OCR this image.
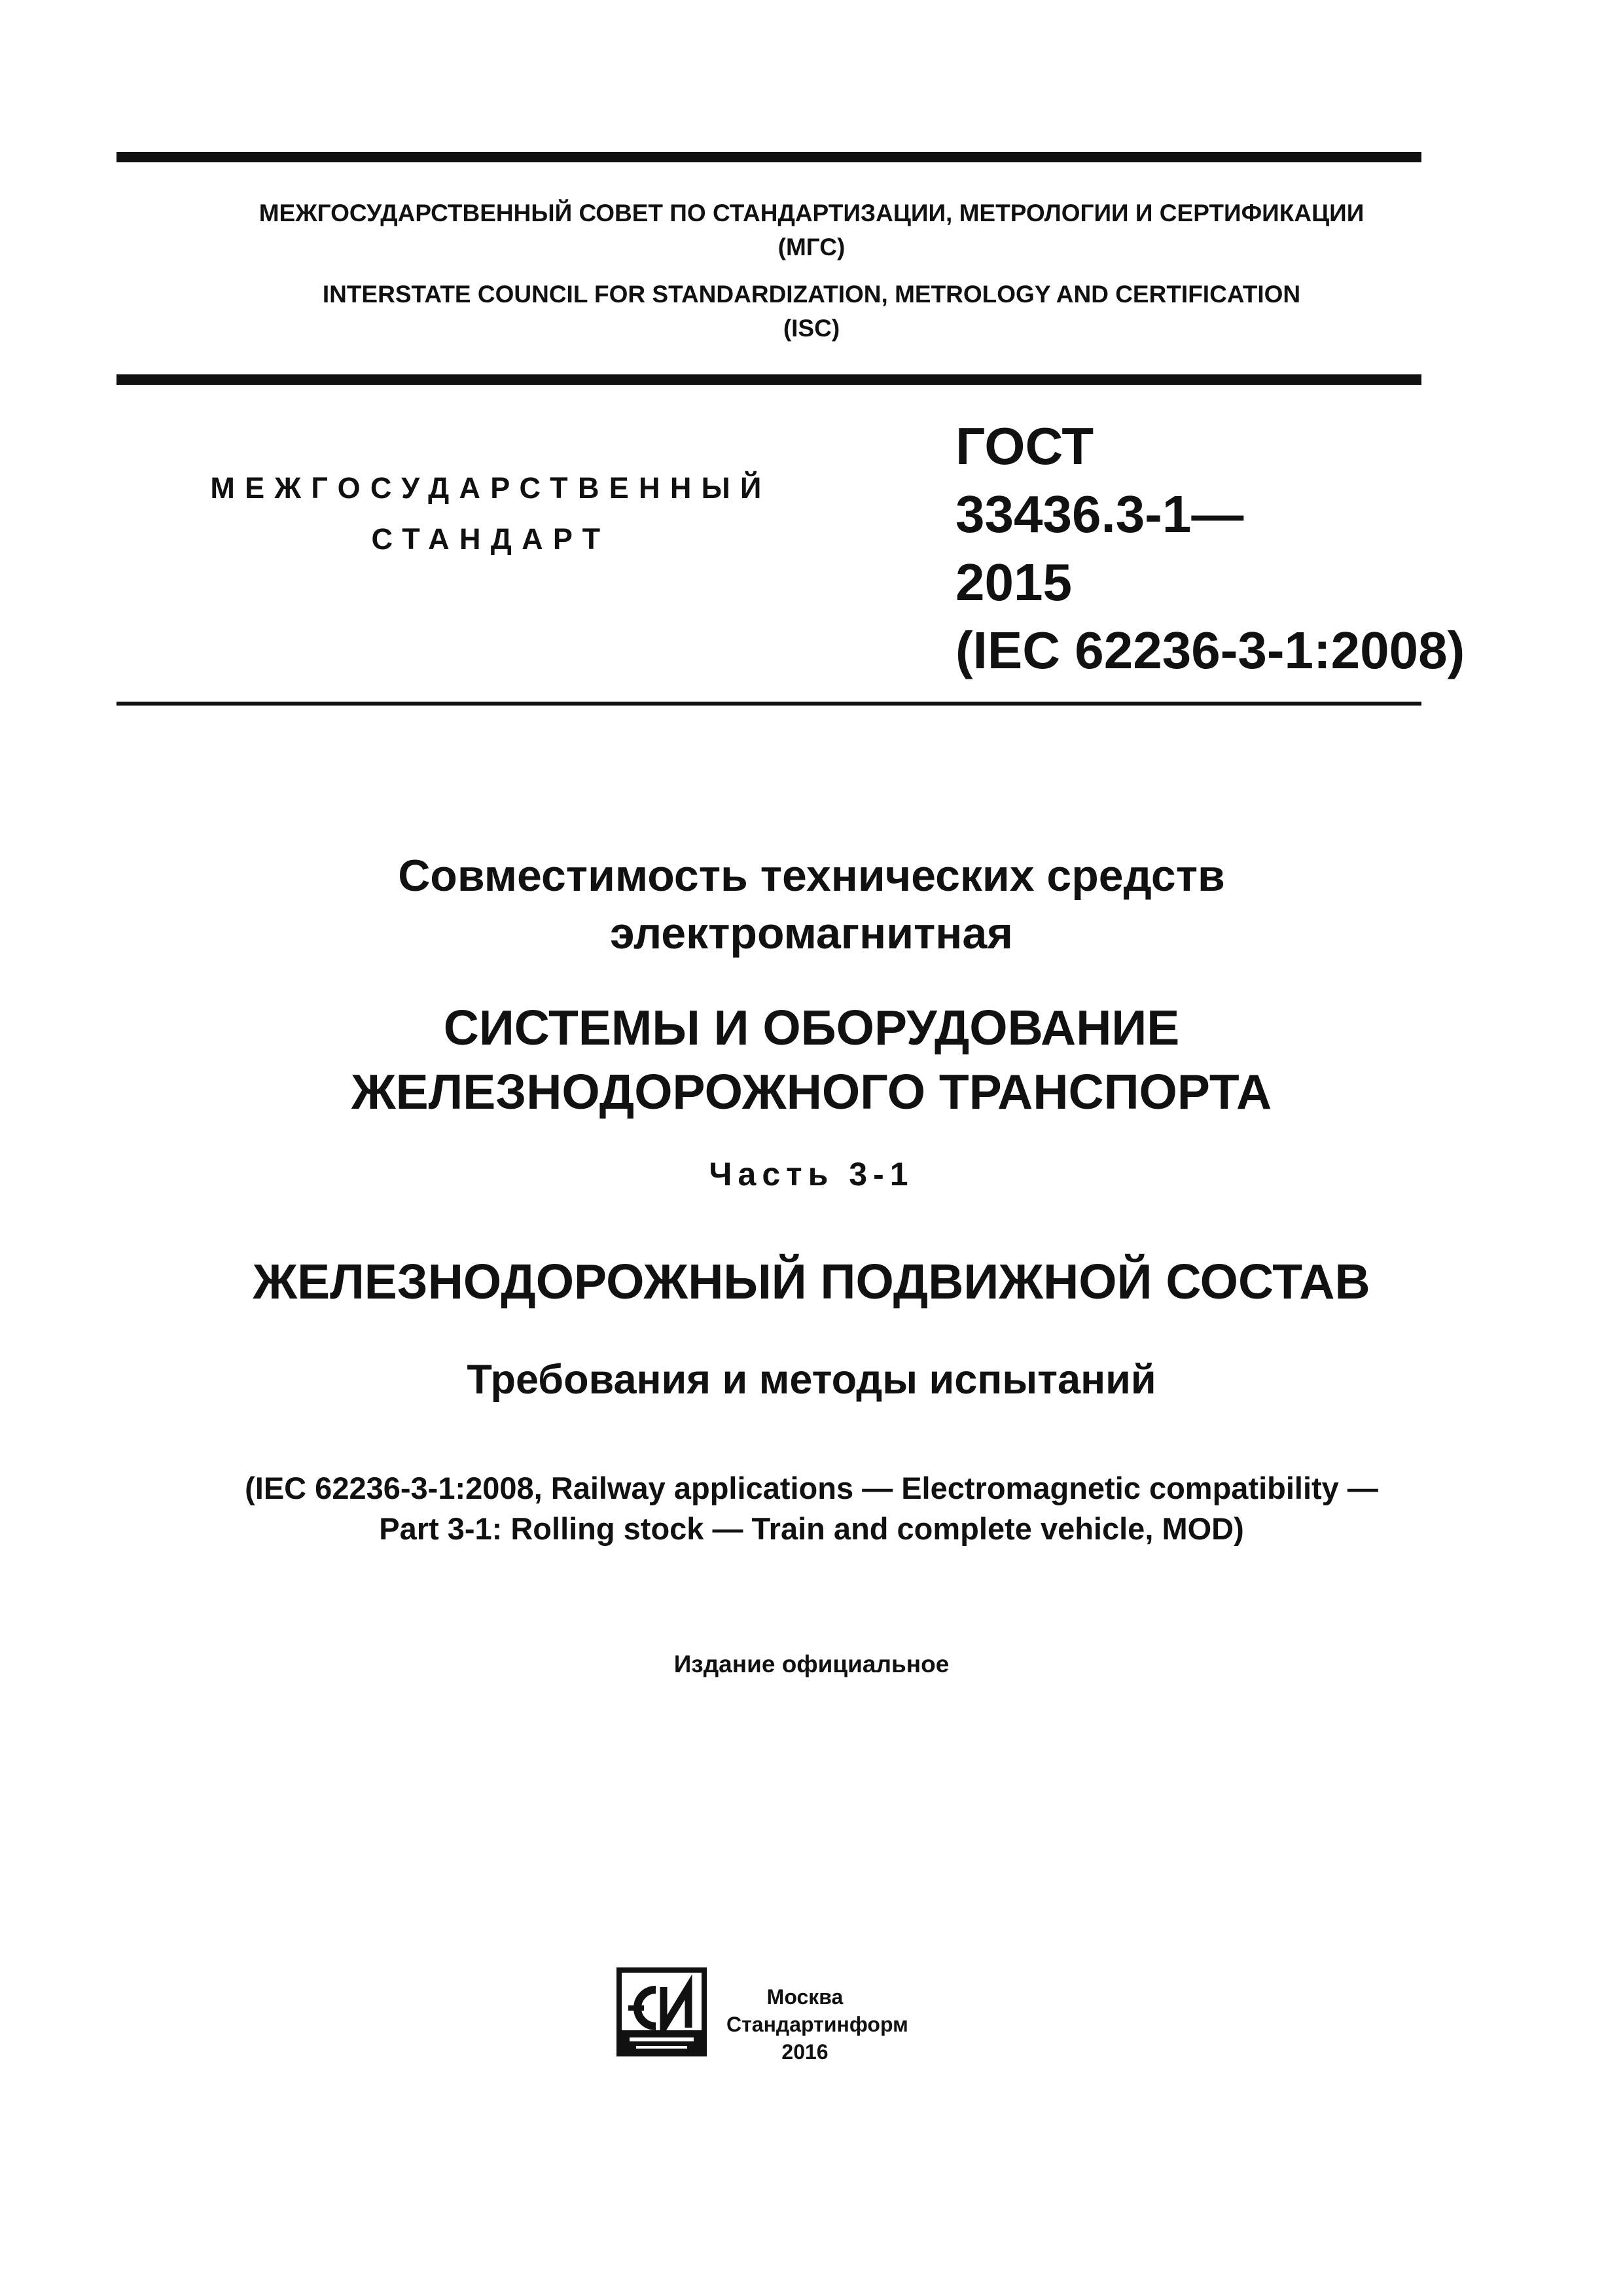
МЕЖГОСУДАРСТВЕННЫЙ СОВЕТ ПО СТАНДАРТИЗАЦИИ, МЕТРОЛОГИИ И СЕРТИФИКАЦИИ
(МГС)
INTERSTATE COUNCIL FOR STANDARDIZATION, METROLOGY AND CERTIFICATION
(ISC)
МЕЖГОСУДАРСТВЕННЫЙ
СТАНДАРТ
ГОСТ
33436.3-1—
2015
(IEC 62236-3-1:2008)
Совместимость технических средств
электромагнитная
СИСТЕМЫ И ОБОРУДОВАНИЕ
ЖЕЛЕЗНОДОРОЖНОГО ТРАНСПОРТА
Часть 3-1
ЖЕЛЕЗНОДОРОЖНЫЙ ПОДВИЖНОЙ СОСТАВ
Требования и методы испытаний
(IEC 62236-3-1:2008, Railway applications — Electromagnetic compatibility —
Part 3-1: Rolling stock — Train and complete vehicle, MOD)
Издание официальное
Москва
Стандартинформ
2016
